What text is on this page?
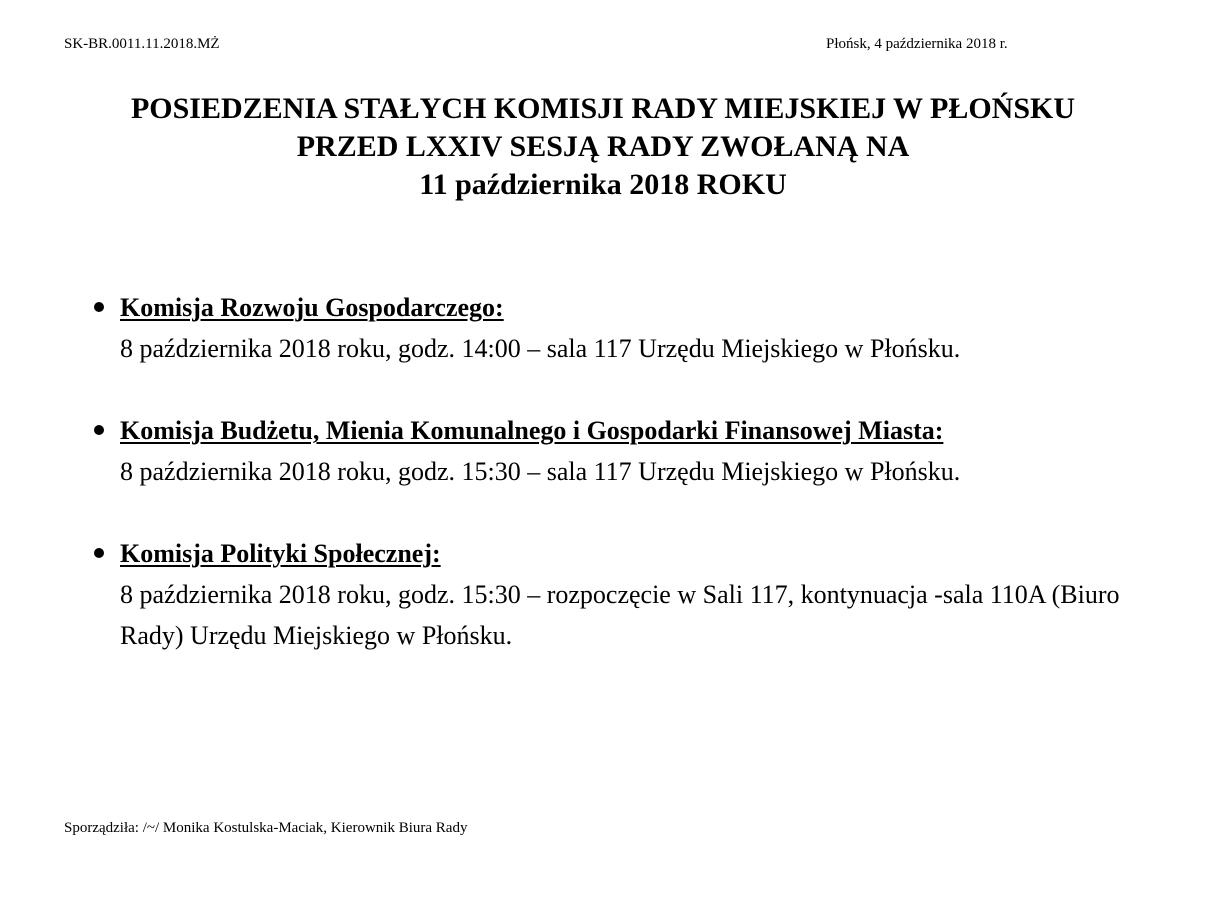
SK-BR.0011.11.2018.MŻ	Płońsk, 4 października 2018 r.
POSIEDZENIA STAŁYCH KOMISJI RADY MIEJSKIEJ W PŁOŃSKU
PRZED LXXIV SESJĄ RADY ZWOŁANĄ NA
11 października 2018 ROKU
Komisja Rozwoju Gospodarczego:
8 października 2018 roku, godz. 14:00 – sala 117 Urzędu Miejskiego w Płońsku.
Komisja Budżetu, Mienia Komunalnego i Gospodarki Finansowej Miasta:
8 października 2018 roku, godz. 15:30 – sala 117 Urzędu Miejskiego w Płońsku.
Komisja Polityki Społecznej:
8 października 2018 roku, godz. 15:30 – rozpoczęcie w Sali 117, kontynuacja -sala 110A (Biuro Rady) Urzędu Miejskiego w Płońsku.
Sporządziła: /~/ Monika Kostulska-Maciak, Kierownik Biura Rady
